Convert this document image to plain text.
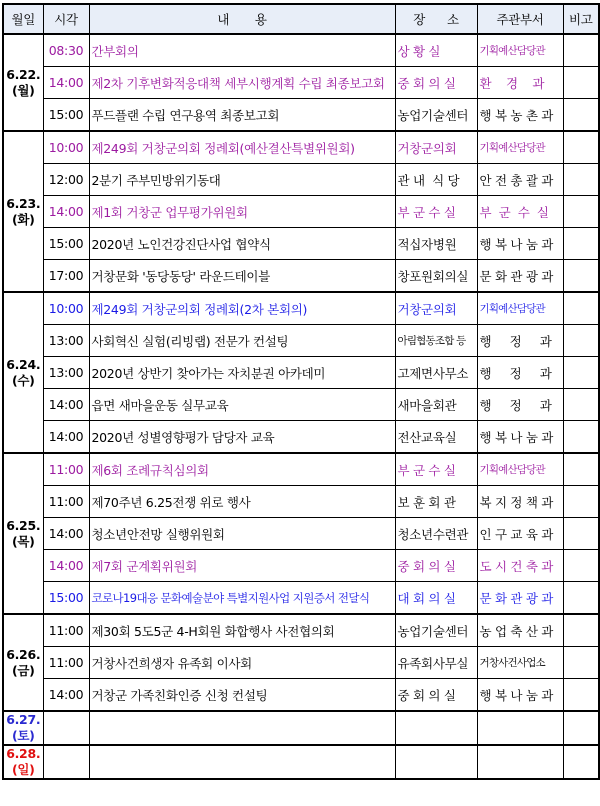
월일	시각	내       용	장      소	주관부서	비고
6.22.
(월)	08:30	간부회의	상 황 실	기획예산담당관	
	14:00	제2차 기후변화적응대책 세부시행계획 수립 최종보고회	중 회 의 실	환    경    과	
	15:00	푸드플랜 수립 연구용역 최종보고회	농업기술센터	행 복 농 촌 과	
6.23.
(화)	10:00	제249회 거창군의회 정례회(예산결산특별위원회)	거창군의회	기획예산담당관	
	12:00	2분기 주부민방위기동대	관 내  식 당	안 전 총 괄 과	
	14:00	제1회 거창군 업무평가위원회	부 군 수 실	부  군  수  실	
	15:00	2020년 노인건강진단사업 협약식	적십자병원	행 복 나 눔 과	
	17:00	거창문화 '동당동당' 라운드테이블	창포원회의실	문 화 관 광 과	
6.24.
(수)	10:00	제249회 거창군의회 정례회(2차 본회의)	거창군의회	기획예산담당관	
	13:00	사회혁신 실험(리빙랩) 전문가 컨설팅	아림협동조합 등	행     정     과	
	13:00	2020년 상반기 찾아가는 자치분권 아카데미	고제면사무소	행     정     과	
	14:00	읍면 새마을운동 실무교육	새마을회관	행     정     과	
	14:00	2020년 성별영향평가 담당자 교육	전산교육실	행 복 나 눔 과	
6.25.
(목)	11:00	제6회 조례규칙심의회	부 군 수 실	기획예산담당관	
	11:00	제70주년 6.25전쟁 위로 행사	보 훈 회 관	복 지 정 책 과	
	14:00	청소년안전망 실행위원회	청소년수련관	인 구 교 육 과	
	14:00	제7회 군계획위원회	중 회 의 실	도 시 건 축 과	
	15:00	코로나19대응 문화예술분야 특별지원사업 지원증서 전달식	대 회 의 실	문 화 관 광 과	
6.26.
(금)	11:00	제30회 5도5군 4-H회원 화합행사 사전협의회	농업기술센터	농 업 축 산 과	
	11:00	거창사건희생자 유족회 이사회	유족회사무실	거창사건사업소	
	14:00	거창군 가족친화인증 신청 컨설팅	중 회 의 실	행 복 나 눔 과	
6.27.
(토)					
6.28.
(일)					
